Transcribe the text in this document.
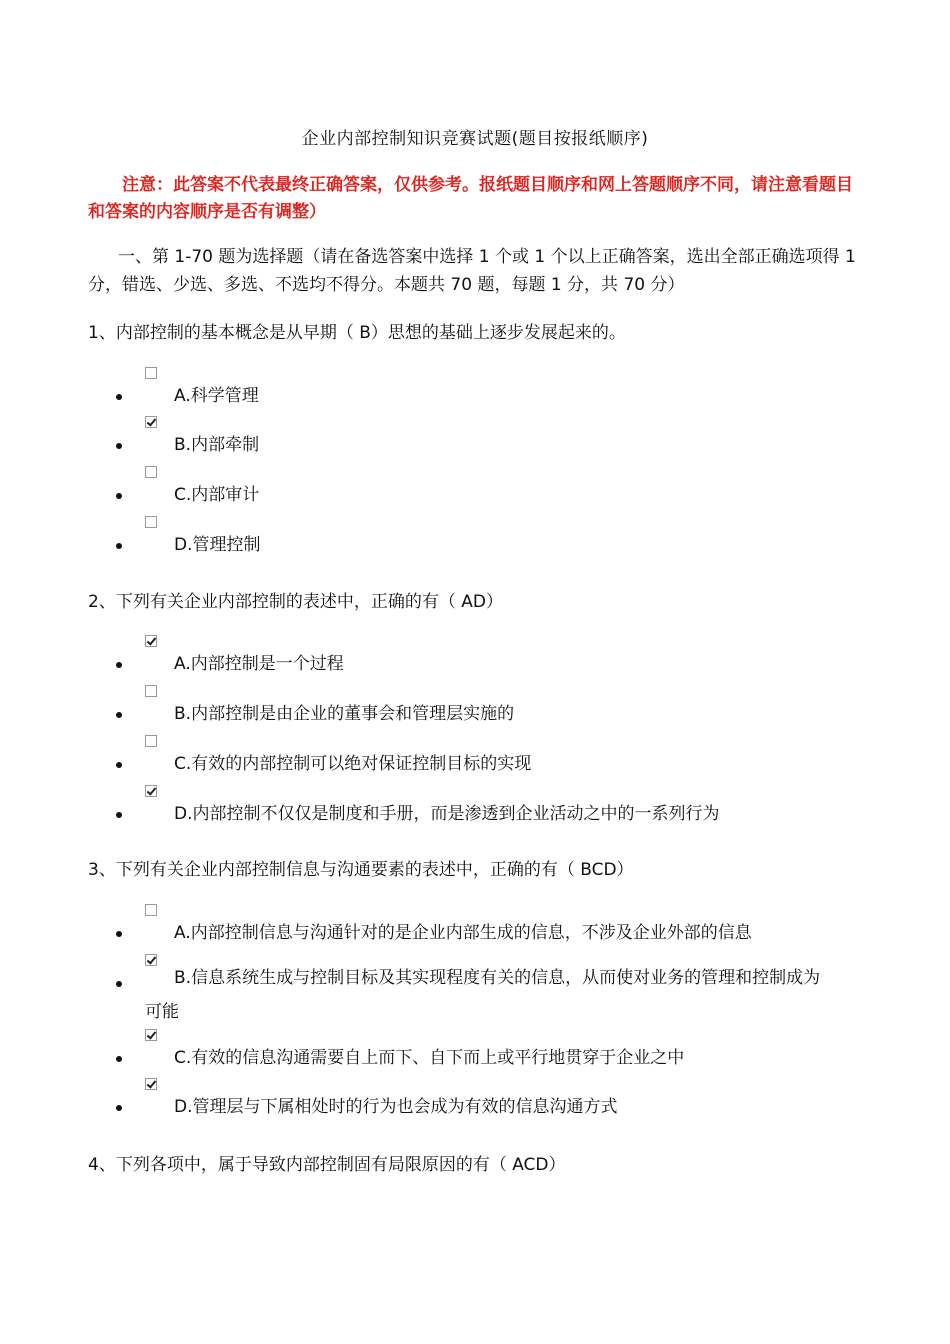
企业内部控制知识竞赛试题(题目按报纸顺序)
注意：此答案不代表最终正确答案，仅供参考。报纸题目顺序和网上答题顺序不同，请注意看题目和答案的内容顺序是否有调整）
一、第 1-70 题为选择题（请在备选答案中选择 1 个或 1 个以上正确答案，选出全部正确选项得 1 分，错选、少选、多选、不选均不得分。本题共 70 题，每题 1 分，共 70 分）
1、内部控制的基本概念是从早期（ B）思想的基础上逐步发展起来的。
A.科学管理
B.内部牵制
C.内部审计
D.管理控制
2、下列有关企业内部控制的表述中，正确的有（ AD）
A.内部控制是一个过程
B.内部控制是由企业的董事会和管理层实施的
C.有效的内部控制可以绝对保证控制目标的实现
D.内部控制不仅仅是制度和手册，而是渗透到企业活动之中的一系列行为
3、下列有关企业内部控制信息与沟通要素的表述中，正确的有（ BCD）
A.内部控制信息与沟通针对的是企业内部生成的信息，不涉及企业外部的信息
B.信息系统生成与控制目标及其实现程度有关的信息，从而使对业务的管理和控制成为可能
C.有效的信息沟通需要自上而下、自下而上或平行地贯穿于企业之中
D.管理层与下属相处时的行为也会成为有效的信息沟通方式
4、下列各项中，属于导致内部控制固有局限原因的有（ ACD）
